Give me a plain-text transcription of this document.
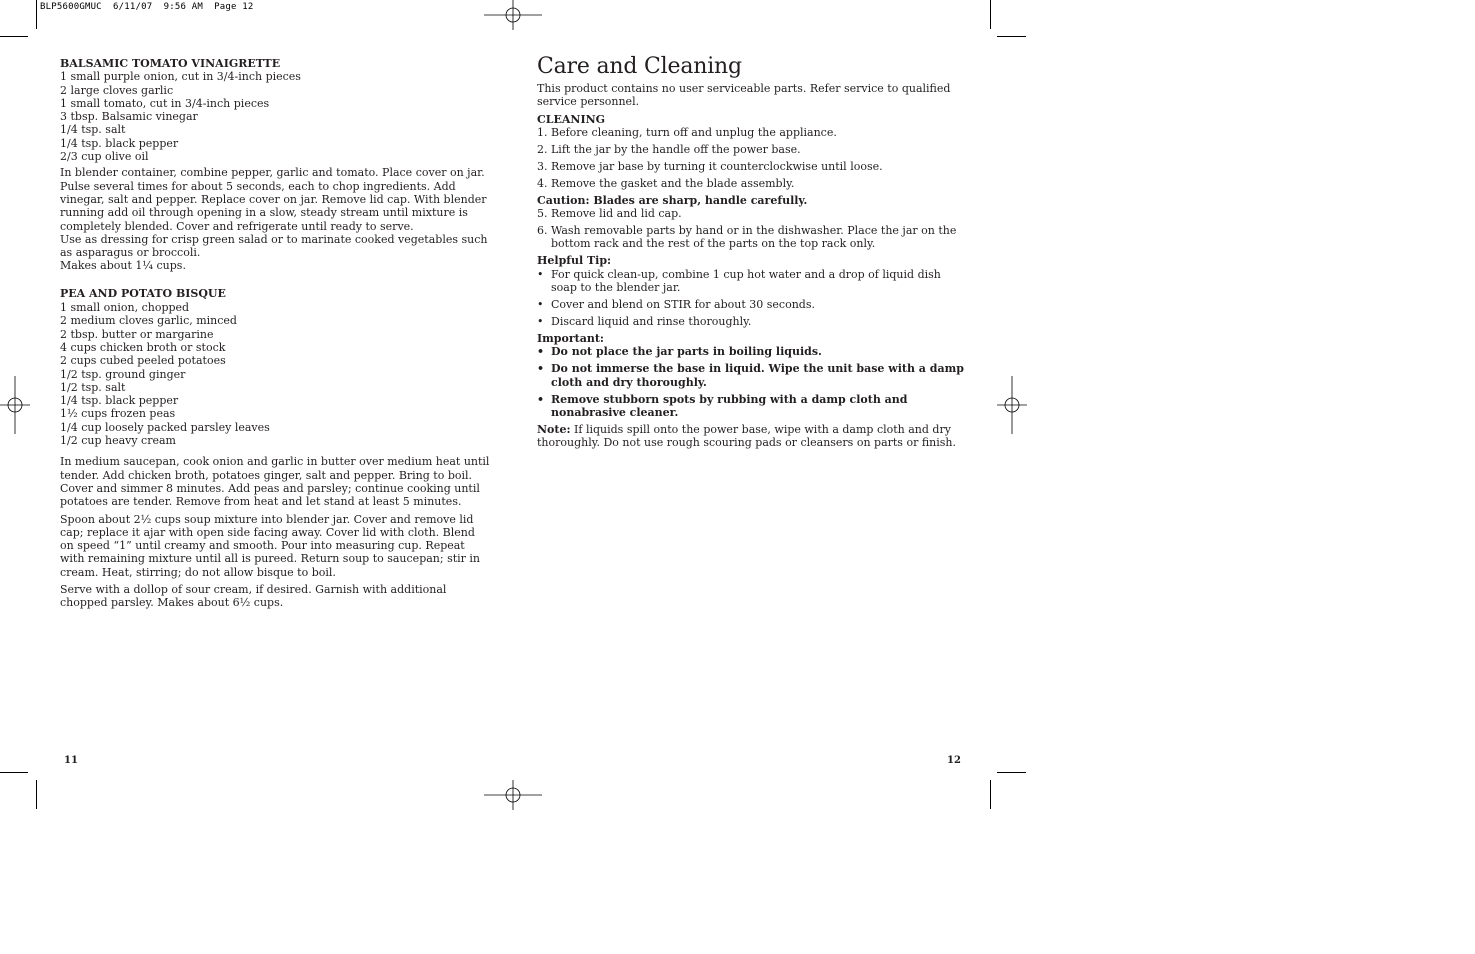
BLP5600GMUC  6/11/07  9:56 AM  Page 12

BALSAMIC TOMATO VINAIGRETTE

1 small purple onion, cut in 3/4-inch pieces

2 large cloves garlic

1 small tomato, cut in 3/4-inch pieces

3 tbsp. Balsamic vinegar

1/4 tsp. salt

1/4 tsp. black pepper

2/3 cup olive oil

In blender container, combine pepper, garlic and tomato. Place cover on jar. Pulse several times for about 5 seconds, each to chop ingredients. Add vinegar, salt and pepper. Replace cover on jar. Remove lid cap. With blender running add oil through opening in a slow, steady stream until mixture is completely blended. Cover and refrigerate until ready to serve.

Use as dressing for crisp green salad or to marinate cooked vegetables such as asparagus or broccoli.

Makes about 1¼ cups.

PEA AND POTATO BISQUE

1 small onion, chopped

2 medium cloves garlic, minced

2 tbsp. butter or margarine

4 cups chicken broth or stock

2 cups cubed peeled potatoes

1/2 tsp. ground ginger

1/2 tsp. salt

1/4 tsp. black pepper

1½ cups frozen peas

1/4 cup loosely packed parsley leaves

1/2 cup heavy cream

In medium saucepan, cook onion and garlic in butter over medium heat until tender. Add chicken broth, potatoes ginger, salt and pepper. Bring to boil. Cover and simmer 8 minutes. Add peas and parsley; continue cooking until potatoes are tender. Remove from heat and let stand at least 5 minutes.

Spoon about 2½ cups soup mixture into blender jar. Cover and remove lid cap; replace it ajar with open side facing away. Cover lid with cloth. Blend on speed “1” until creamy and smooth. Pour into measuring cup. Repeat with remaining mixture until all is pureed. Return soup to saucepan; stir in cream. Heat, stirring; do not allow bisque to boil.

Serve with a dollop of sour cream, if desired. Garnish with additional chopped parsley. Makes about 6½ cups.

11
Care and Cleaning

This product contains no user serviceable parts. Refer service to qualified service personnel.

CLEANING

1. Before cleaning, turn off and unplug the appliance.
2. Lift the jar by the handle off the power base.
3. Remove jar base by turning it counterclockwise until loose.
4. Remove the gasket and the blade assembly.

Caution: Blades are sharp, handle carefully.

5. Remove lid and lid cap.
6. Wash removable parts by hand or in the dishwasher. Place the jar on the bottom rack and the rest of the parts on the top rack only.

Helpful Tip:

• For quick clean-up, combine 1 cup hot water and a drop of liquid dish soap to the blender jar.
• Cover and blend on STIR for about 30 seconds.
• Discard liquid and rinse thoroughly.

Important:

• Do not place the jar parts in boiling liquids.
• Do not immerse the base in liquid. Wipe the unit base with a damp cloth and dry thoroughly.
• Remove stubborn spots by rubbing with a damp cloth and nonabrasive cleaner.

Note: If liquids spill onto the power base, wipe with a damp cloth and dry thoroughly. Do not use rough scouring pads or cleansers on parts or finish.

12
